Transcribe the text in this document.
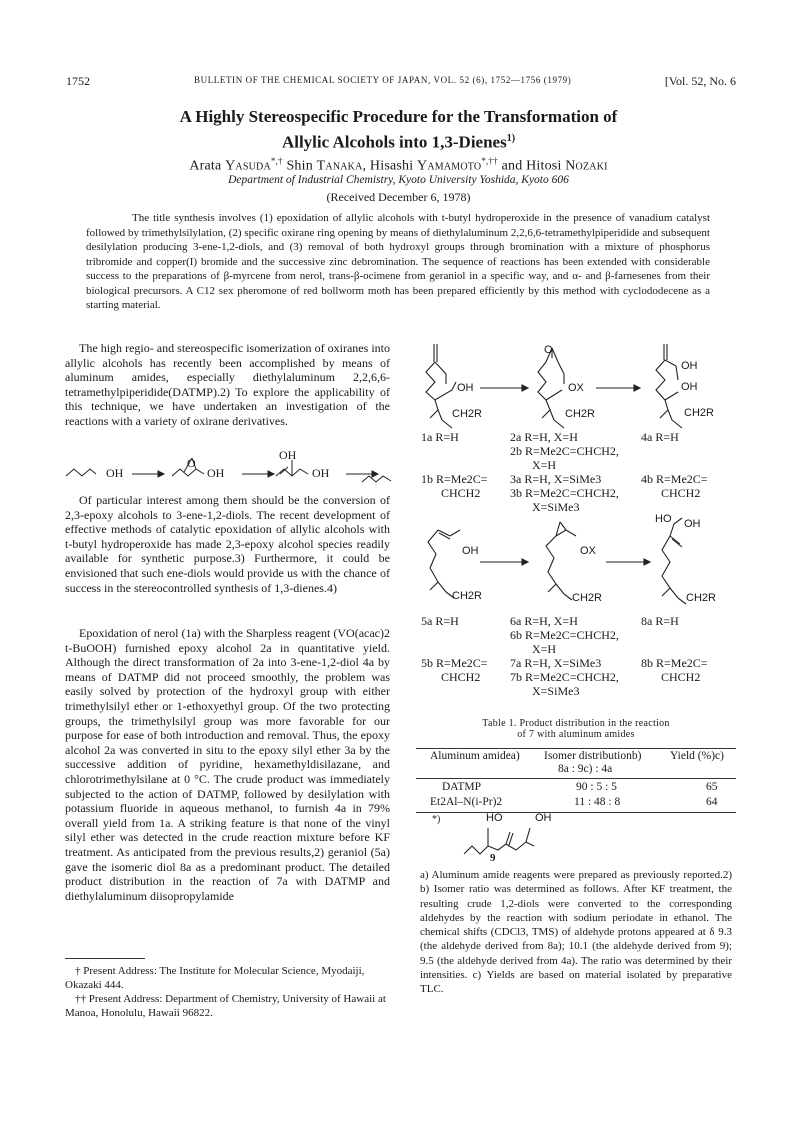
1752	BULLETIN OF THE CHEMICAL SOCIETY OF JAPAN, VOL. 52 (6), 1752—1756 (1979)	[Vol. 52, No. 6
A Highly Stereospecific Procedure for the Transformation of
Allylic Alcohols into 1,3-Dienes$^{1)}$
Arata Yasuda*,† Shin Tanaka, Hisashi Yamamoto*,†† and Hitosi Nozaki
Department of Industrial Chemistry, Kyoto University Yoshida, Kyoto 606
(Received December 6, 1978)
The title synthesis involves (1) epoxidation of allylic alcohols with t-butyl hydroperoxide in the presence of vanadium catalyst followed by trimethylsilylation, (2) specific oxirane ring opening by means of diethylaluminum 2,2,6,6-tetramethylpiperidide and subsequent desilylation producing 3-ene-1,2-diols, and (3) removal of both hydroxyl groups through bromination with a mixture of phosphorus tribromide and copper(I) bromide and the successive zinc debromination. The sequence of reactions has been extended with considerable success to the preparations of β-myrcene from nerol, trans-β-ocimene from geraniol in a specific way, and α- and β-farnesenes from their biological precursors. A C12 sex pheromone of red bollworm moth has been prepared efficiently by this method with cyclododecene as a starting material.

The high regio- and stereospecific isomerization of oxiranes into allylic alcohols has recently been accomplished by means of aluminum amides, especially diethylaluminum 2,2,6,6-tetramethylpiperidide(DATMP).2) To explore the applicability of this technique, we have undertaken an investigation of the reactions with a variety of oxirane derivatives.

OH
O
OH
OH
OH

Of particular interest among them should be the conversion of 2,3-epoxy alcohols to 3-ene-1,2-diols. The recent development of effective methods of catalytic epoxidation of allylic alcohols with t-butyl hydroperoxide has made 2,3-epoxy alcohol species readily available for synthetic purpose.3) Furthermore, it could be envisioned that such ene-diols would provide us with the chance of success in the stereocontrolled synthesis of 1,3-dienes.4)

Epoxidation of nerol (1a) with the Sharpless reagent (VO(acac)2 t-BuOOH) furnished epoxy alcohol 2a in quantitative yield. Although the direct transformation of 2a into 3-ene-1,2-diol 4a by means of DATMP did not proceed smoothly, the problem was easily solved by protection of the hydroxyl group with either trimethylsilyl ether or 1-ethoxyethyl group. Of the two protecting groups, the trimethylsilyl group was more favorable for our purpose for ease of both introduction and removal. Thus, the epoxy alcohol 2a was converted in situ to the epoxy silyl ether 3a by the successive addition of pyridine, hexamethyldisilazane, and chlorotrimethylsilane at 0 °C. The crude product was immediately subjected to the action of DATMP, followed by desilylation with potassium fluoride in aqueous methanol, to furnish 4a in 79% overall yield from 1a. A striking feature is that none of the vinyl silyl ether was detected in the crude reaction mixture before KF treatment. As anticipated from the previous results,2) geraniol (5a) gave the isomeric diol 8a as a predominant product. The detailed product distribution in the reaction of 7a with DATMP and diethylaluminum diisopropylamide

† Present Address: The Institute for Molecular Science, Myodaiji, Okazaki 444.
†† Present Address: Department of Chemistry, University of Hawaii at Manoa, Honolulu, Hawaii 96822.
OH
CH2R
OX
CH2R
O
OH
OH
CH2R
1a R=H	2a R=H, X=H
2b R=Me2C=CHCH2,
X=H
4a R=H
1b R=Me2C=
CHCH2
3a R=H, X=SiMe3
3b R=Me2C=CHCH2,
X=SiMe3
4b R=Me2C=
CHCH2
OH
CH2R
OX
CH2R
HO OH
CH2R
5a R=H	6a R=H, X=H
6b R=Me2C=CHCH2,
X=H
8a R=H
5b R=Me2C=
CHCH2
7a R=H, X=SiMe3
7b R=Me2C=CHCH2,
X=SiMe3
8b R=Me2C=
CHCH2
Table 1. Product distribution in the reaction
of 7 with aluminum amides
Aluminum amidea) Isomer distributionb)
8a : 9c) : 4a
Yield (%)c)
DATMP	90 : 5 : 5	65
Et2Al–N(i-Pr)2	11 : 48 : 8	64
*)	HO	OH
9
a) Aluminum amide reagents were prepared as previously reported.2) b) Isomer ratio was determined as follows. After KF treatment, the resulting crude 1,2-diols were converted to the corresponding aldehydes by the reaction with sodium periodate in ethanol. The chemical shifts (CDCl3, TMS) of aldehyde protons appeared at δ 9.3 (the aldehyde derived from 8a); 10.1 (the aldehyde derived from 9); 9.5 (the aldehyde derived from 4a). The ratio was determined by their intensities. c) Yields are based on material isolated by preparative TLC.
